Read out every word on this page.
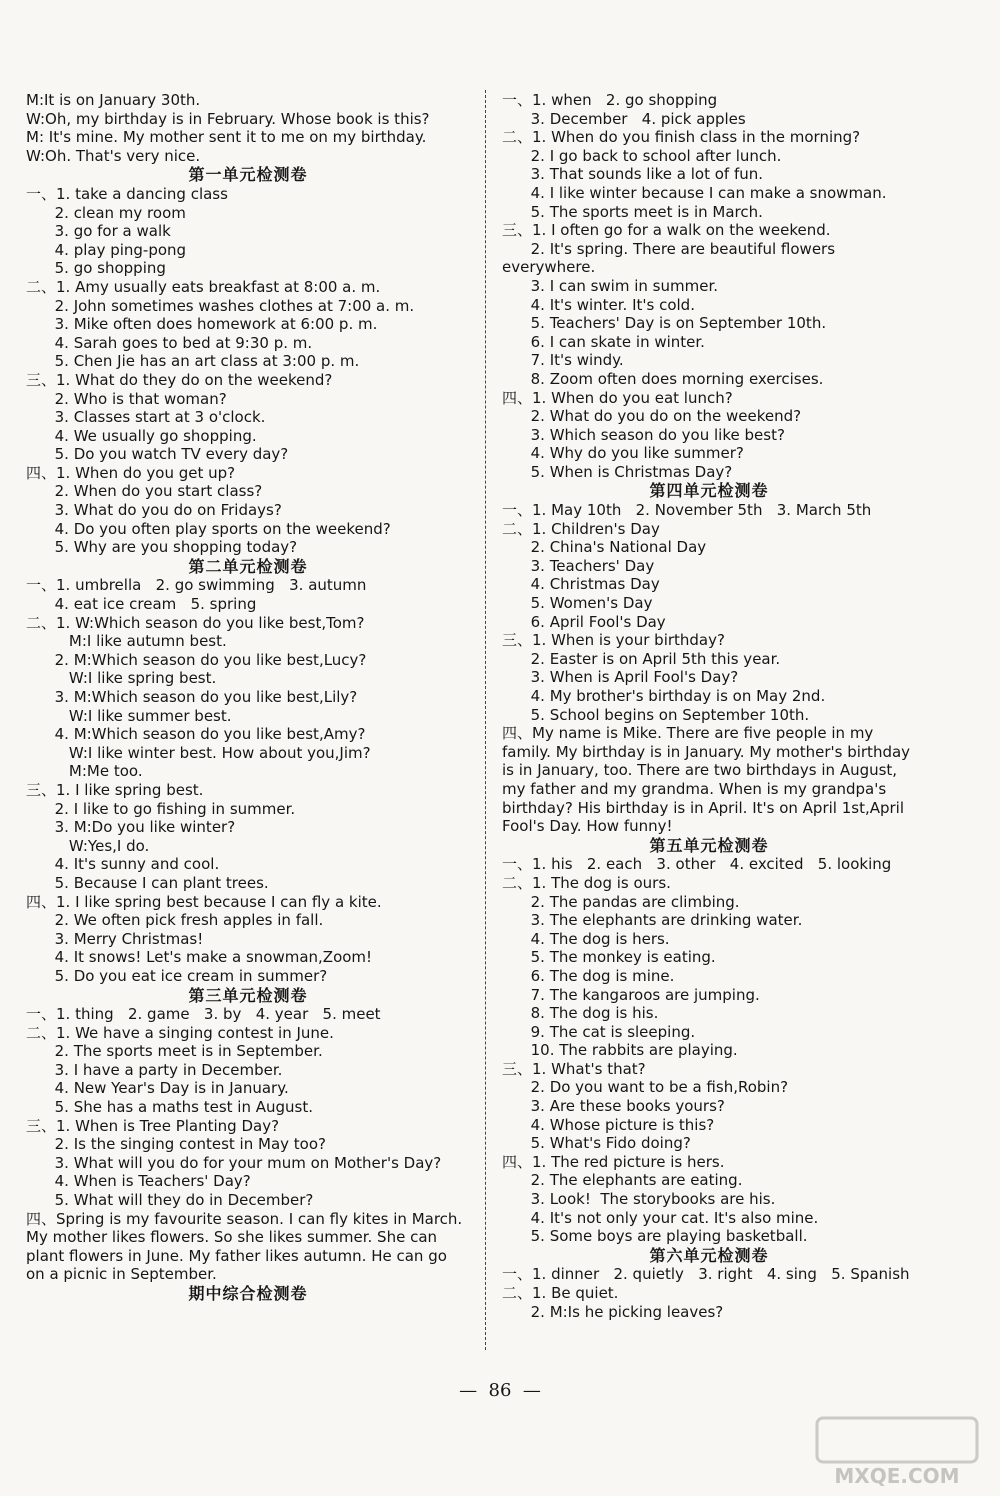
M:It is on January 30th.
W:Oh, my birthday is in February. Whose book is this?
M: It's mine. My mother sent it to me on my birthday.
W:Oh. That's very nice.
第一单元检测卷
一、1. take a dancing class
2. clean my room
3. go for a walk
4. play ping-pong
5. go shopping
二、1. Amy usually eats breakfast at 8:00 a. m.
2. John sometimes washes clothes at 7:00 a. m.
3. Mike often does homework at 6:00 p. m.
4. Sarah goes to bed at 9:30 p. m.
5. Chen Jie has an art class at 3:00 p. m.
三、1. What do they do on the weekend?
2. Who is that woman?
3. Classes start at 3 o'clock.
4. We usually go shopping.
5. Do you watch TV every day?
四、1. When do you get up?
2. When do you start class?
3. What do you do on Fridays?
4. Do you often play sports on the weekend?
5. Why are you shopping today?
第二单元检测卷
一、1. umbrella   2. go swimming   3. autumn
4. eat ice cream   5. spring
二、1. W:Which season do you like best,Tom?
M:I like autumn best.
2. M:Which season do you like best,Lucy?
W:I like spring best.
3. M:Which season do you like best,Lily?
W:I like summer best.
4. M:Which season do you like best,Amy?
W:I like winter best. How about you,Jim?
M:Me too.
三、1. I like spring best.
2. I like to go fishing in summer.
3. M:Do you like winter?
W:Yes,I do.
4. It's sunny and cool.
5. Because I can plant trees.
四、1. I like spring best because I can fly a kite.
2. We often pick fresh apples in fall.
3. Merry Christmas!
4. It snows! Let's make a snowman,Zoom!
5. Do you eat ice cream in summer?
第三单元检测卷
一、1. thing   2. game   3. by   4. year   5. meet
二、1. We have a singing contest in June.
2. The sports meet is in September.
3. I have a party in December.
4. New Year's Day is in January.
5. She has a maths test in August.
三、1. When is Tree Planting Day?
2. Is the singing contest in May too?
3. What will you do for your mum on Mother's Day?
4. When is Teachers' Day?
5. What will they do in December?
四、Spring is my favourite season. I can fly kites in March. My mother likes flowers. So she likes summer. She can plant flowers in June. My father likes autumn. He can go on a picnic in September.
期中综合检测卷
一、1. when   2. go shopping
3. December   4. pick apples
二、1. When do you finish class in the morning?
2. I go back to school after lunch.
3. That sounds like a lot of fun.
4. I like winter because I can make a snowman.
5. The sports meet is in March.
三、1. I often go for a walk on the weekend.
2. It's spring. There are beautiful flowers everywhere.
3. I can swim in summer.
4. It's winter. It's cold.
5. Teachers' Day is on September 10th.
6. I can skate in winter.
7. It's windy.
8. Zoom often does morning exercises.
四、1. When do you eat lunch?
2. What do you do on the weekend?
3. Which season do you like best?
4. Why do you like summer?
5. When is Christmas Day?
第四单元检测卷
一、1. May 10th   2. November 5th   3. March 5th
二、1. Children's Day
2. China's National Day
3. Teachers' Day
4. Christmas Day
5. Women's Day
6. April Fool's Day
三、1. When is your birthday?
2. Easter is on April 5th this year.
3. When is April Fool's Day?
4. My brother's birthday is on May 2nd.
5. School begins on September 10th.
四、My name is Mike. There are five people in my family. My birthday is in January. My mother's birthday is in January, too. There are two birthdays in August, my father and my grandma. When is my grandpa's birthday? His birthday is in April. It's on April 1st,April Fool's Day. How funny!
第五单元检测卷
一、1. his   2. each   3. other   4. excited   5. looking
二、1. The dog is ours.
2. The pandas are climbing.
3. The elephants are drinking water.
4. The dog is hers.
5. The monkey is eating.
6. The dog is mine.
7. The kangaroos are jumping.
8. The dog is his.
9. The cat is sleeping.
10. The rabbits are playing.
三、1. What's that?
2. Do you want to be a fish,Robin?
3. Are these books yours?
4. Whose picture is this?
5. What's Fido doing?
四、1. The red picture is hers.
2. The elephants are eating.
3. Look!  The storybooks are his.
4. It's not only your cat. It's also mine.
5. Some boys are playing basketball.
第六单元检测卷
一、1. dinner   2. quietly   3. right   4. sing   5. Spanish
二、1. Be quiet.
2. M:Is he picking leaves?
— 86 —
MXQE.COM
